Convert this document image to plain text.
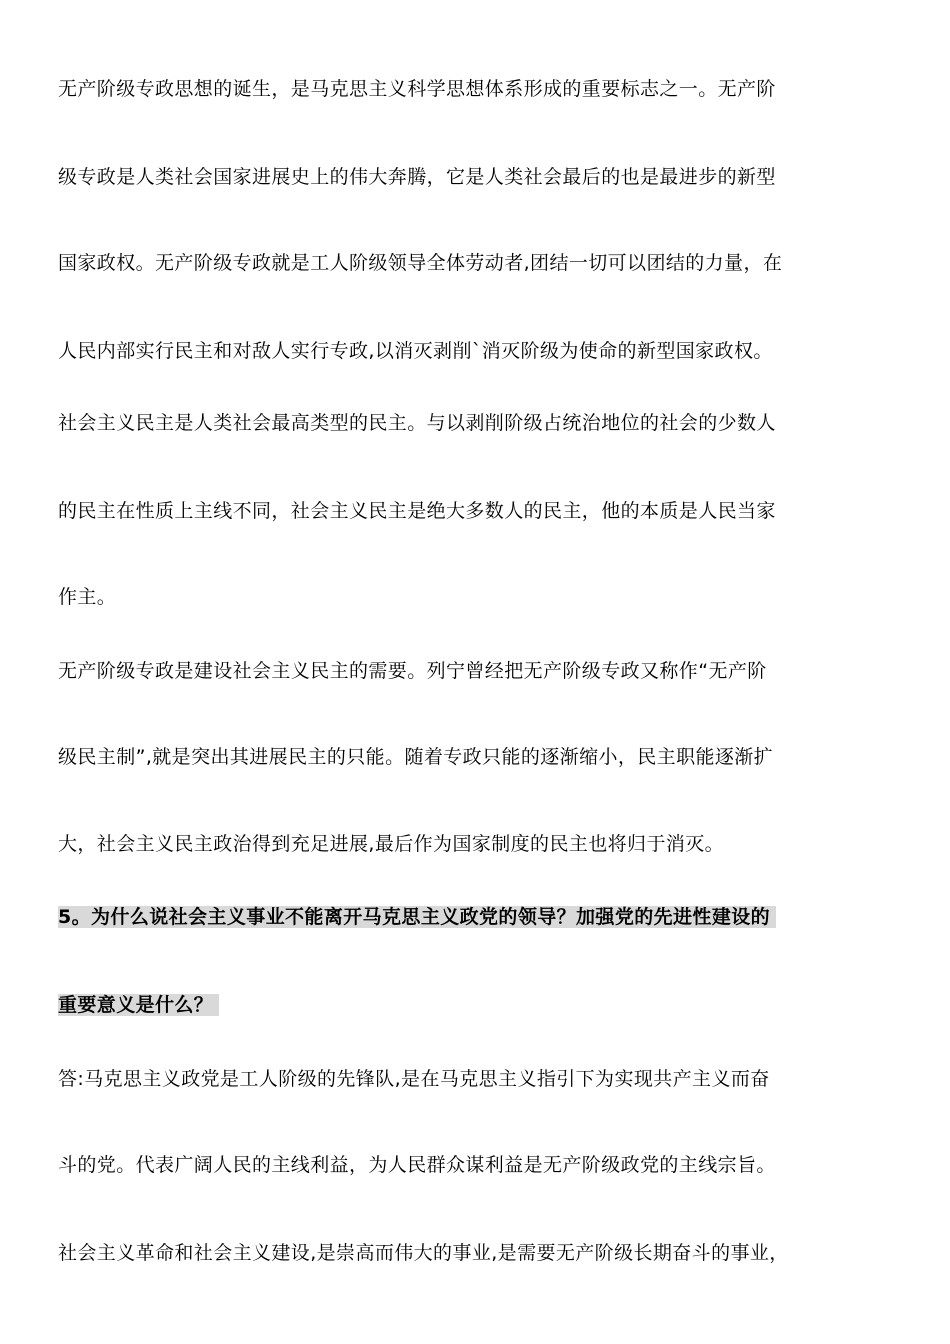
无产阶级专政思想的诞生，是马克思主义科学思想体系形成的重要标志之一。无产阶
级专政是人类社会国家进展史上的伟大奔腾，它是人类社会最后的也是最进步的新型
国家政权。无产阶级专政就是工人阶级领导全体劳动者,团结一切可以团结的力量，在
人民内部实行民主和对敌人实行专政,以消灭剥削`消灭阶级为使命的新型国家政权。
社会主义民主是人类社会最高类型的民主。与以剥削阶级占统治地位的社会的少数人
的民主在性质上主线不同，社会主义民主是绝大多数人的民主，他的本质是人民当家
作主。
无产阶级专政是建设社会主义民主的需要。列宁曾经把无产阶级专政又称作“无产阶
级民主制”,就是突出其进展民主的只能。随着专政只能的逐渐缩小，民主职能逐渐扩
大，社会主义民主政治得到充足进展,最后作为国家制度的民主也将归于消灭。
5。为什么说社会主义事业不能离开马克思主义政党的领导？加强党的先进性建设的
重要意义是什么？
答:马克思主义政党是工人阶级的先锋队,是在马克思主义指引下为实现共产主义而奋
斗的党。代表广阔人民的主线利益，为人民群众谋利益是无产阶级政党的主线宗旨。
社会主义革命和社会主义建设,是崇高而伟大的事业,是需要无产阶级长期奋斗的事业，
